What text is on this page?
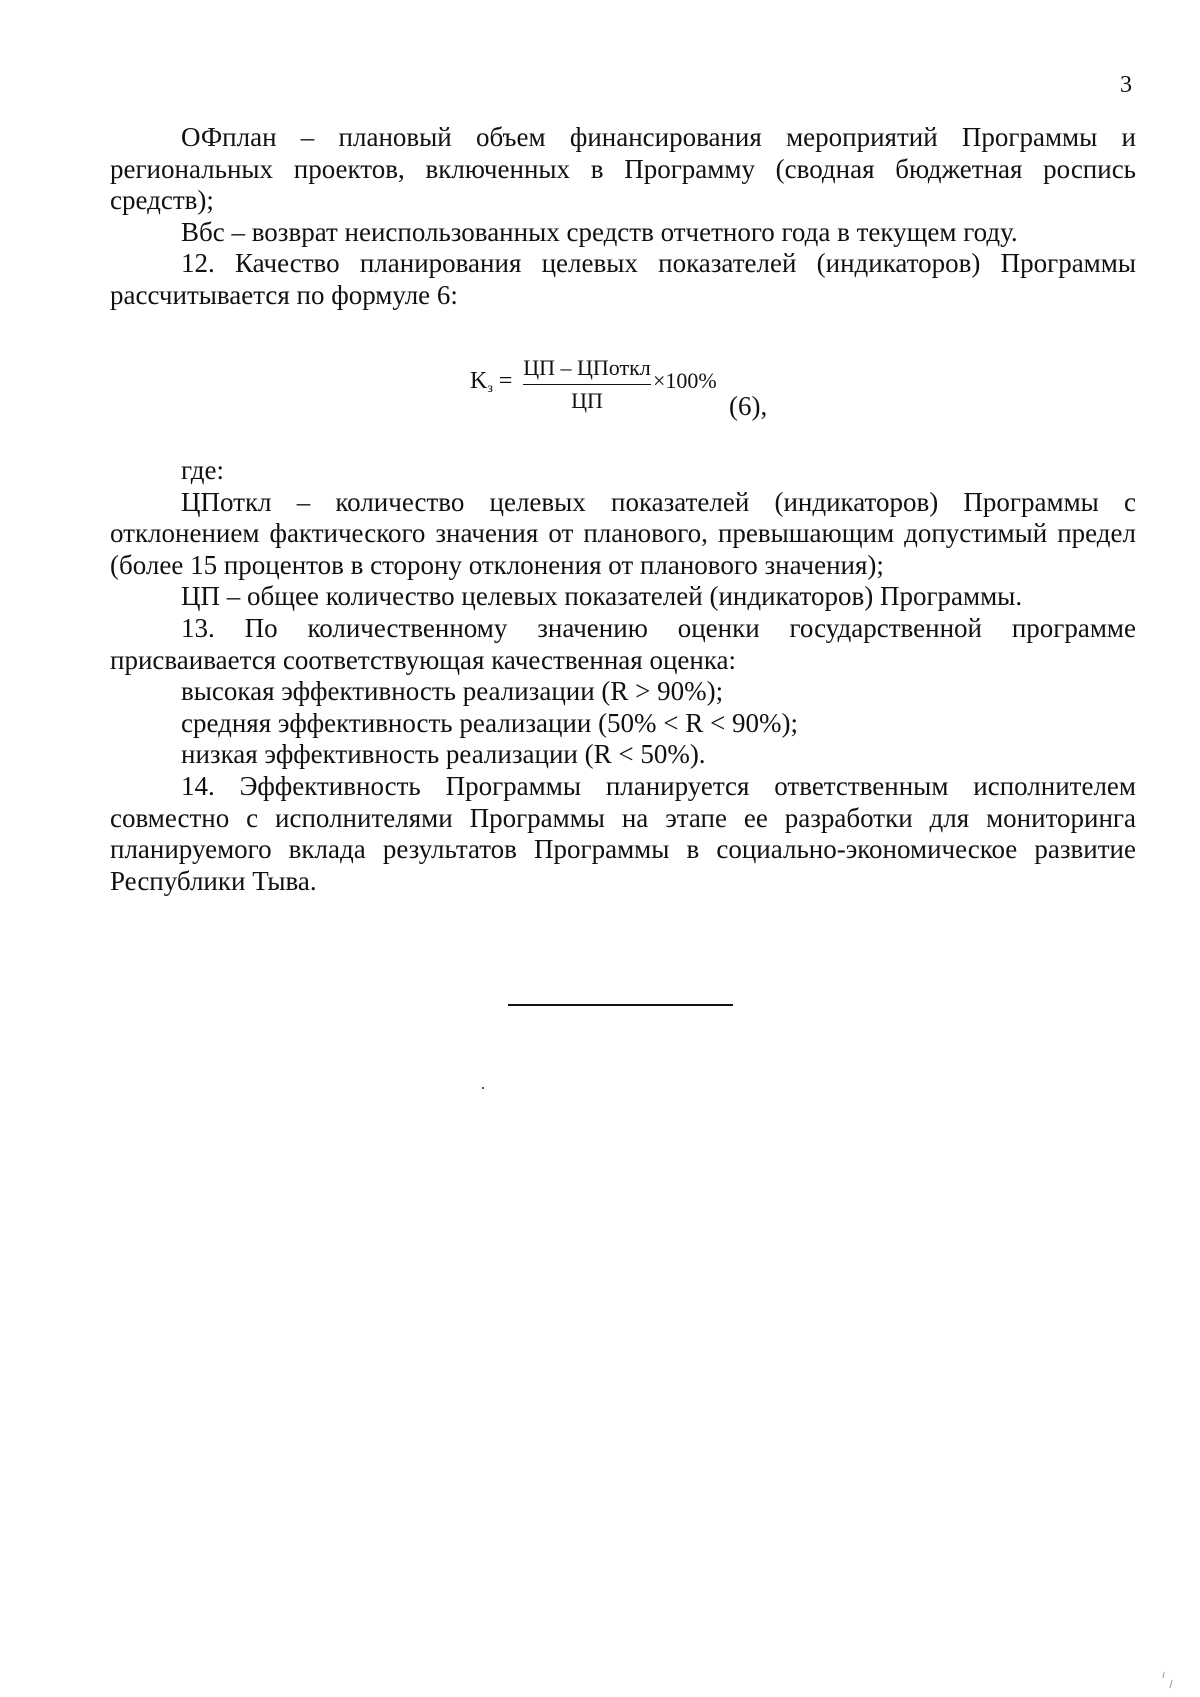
3

ОФплан – плановый объем финансирования мероприятий Программы и региональных проектов, включенных в Программу (сводная бюджетная роспись средств);

Вбс – возврат неиспользованных средств отчетного года в текущем году.

12. Качество планирования целевых показателей (индикаторов) Программы рассчитывается по формуле 6:

$K_з$ =
ЦП – ЦПоткл
ЦП
×100%
(6),

где:

ЦПоткл – количество целевых показателей (индикаторов) Программы с отклонением фактического значения от планового, превышающим допустимый предел (более 15 процентов в сторону отклонения от планового значения);

ЦП – общее количество целевых показателей (индикаторов) Программы.

13. По количественному значению оценки государственной программе присваивается соответствующая качественная оценка:

высокая эффективность реализации (R > 90%);

средняя эффективность реализации (50% < R < 90%);

низкая эффективность реализации (R < 50%).

14. Эффективность Программы планируется ответственным исполнителем совместно с исполнителями Программы на этапе ее разработки для мониторинга планируемого вклада результатов Программы в социально-экономическое развитие Республики Тыва.
